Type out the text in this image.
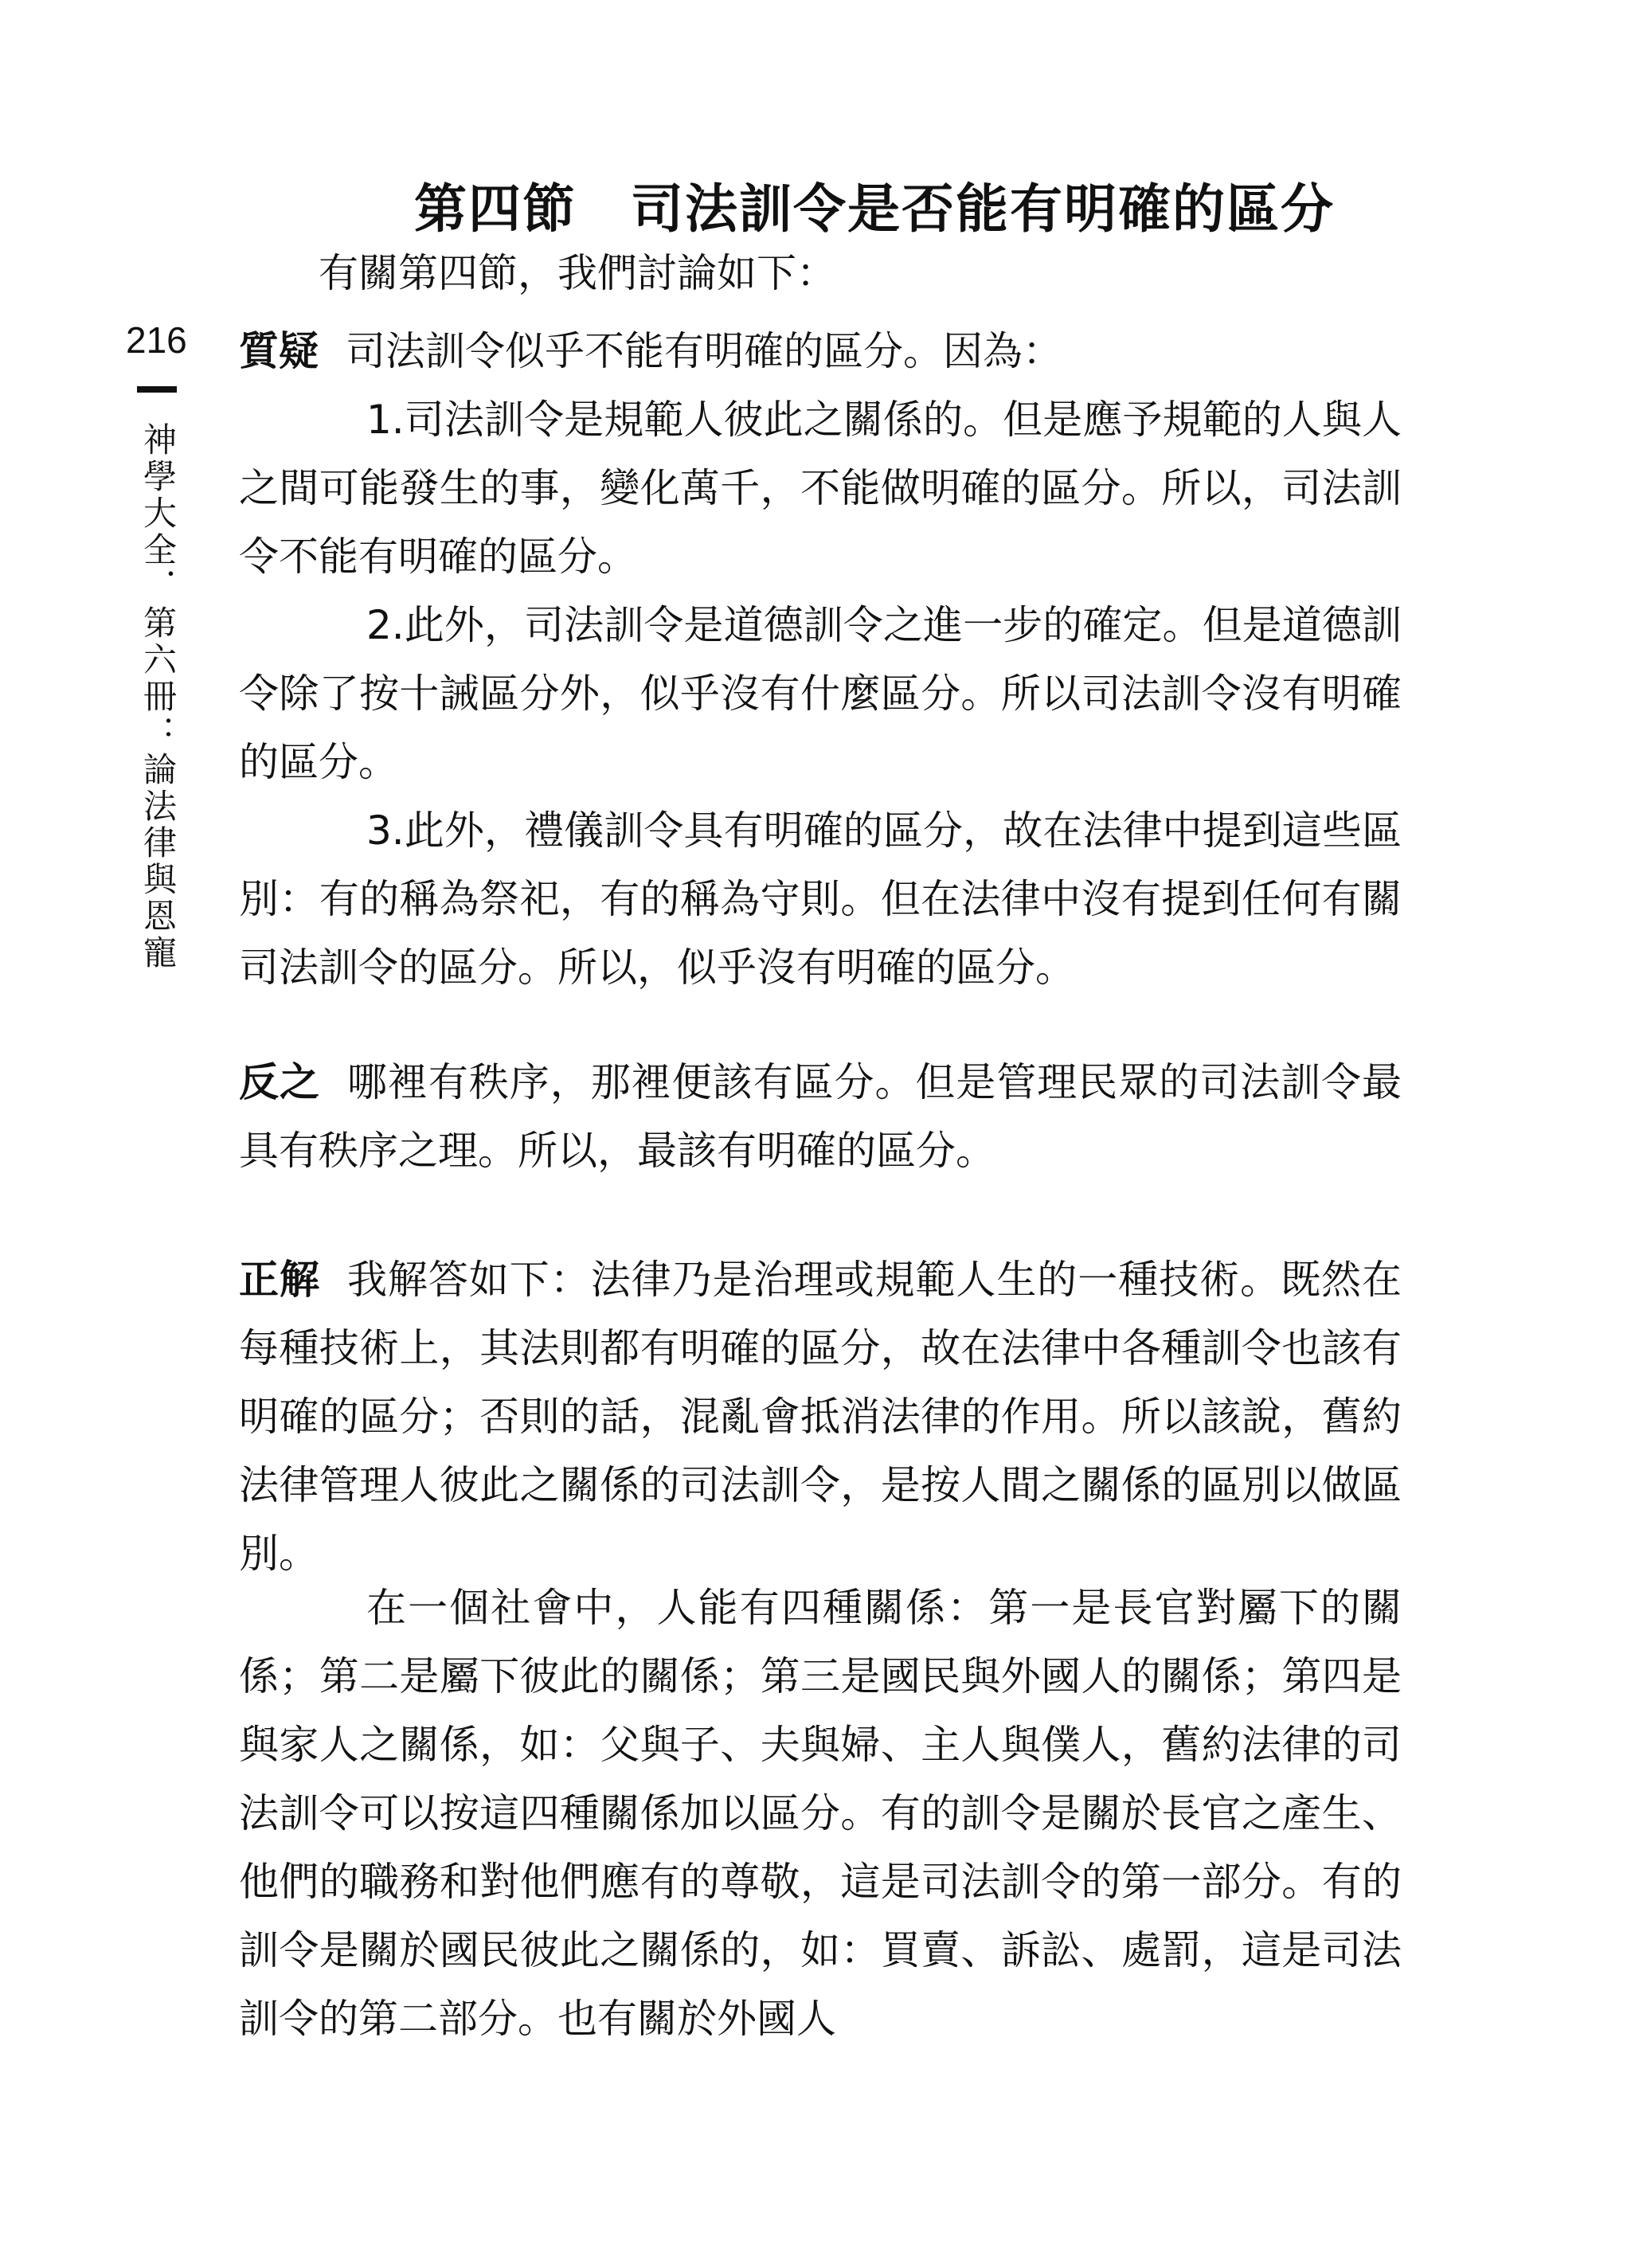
第四節　司法訓令是否能有明確的區分
有關第四節，我們討論如下：
216
神學大全．第六冊：論法律與恩寵

質疑 司法訓令似乎不能有明確的區分。因為：

1.司法訓令是規範人彼此之關係的。但是應予規範的人與人之間可能發生的事，變化萬千，不能做明確的區分。所以，司法訓令不能有明確的區分。

2.此外，司法訓令是道德訓令之進一步的確定。但是道德訓令除了按十誡區分外，似乎沒有什麼區分。所以司法訓令沒有明確的區分。

3.此外，禮儀訓令具有明確的區分，故在法律中提到這些區別：有的稱為祭祀，有的稱為守則。但在法律中沒有提到任何有關司法訓令的區分。所以，似乎沒有明確的區分。

反之 哪裡有秩序，那裡便該有區分。但是管理民眾的司法訓令最具有秩序之理。所以，最該有明確的區分。

正解 我解答如下：法律乃是治理或規範人生的一種技術。既然在每種技術上，其法則都有明確的區分，故在法律中各種訓令也該有明確的區分；否則的話，混亂會抵消法律的作用。所以該說，舊約法律管理人彼此之關係的司法訓令，是按人間之關係的區別以做區別。

在一個社會中，人能有四種關係：第一是長官對屬下的關係；第二是屬下彼此的關係；第三是國民與外國人的關係；第四是與家人之關係，如：父與子、夫與婦、主人與僕人，舊約法律的司法訓令可以按這四種關係加以區分。有的訓令是關於長官之產生、他們的職務和對他們應有的尊敬，這是司法訓令的第一部分。有的訓令是關於國民彼此之關係的，如：買賣、訴訟、處罰，這是司法訓令的第二部分。也有關於外國人
